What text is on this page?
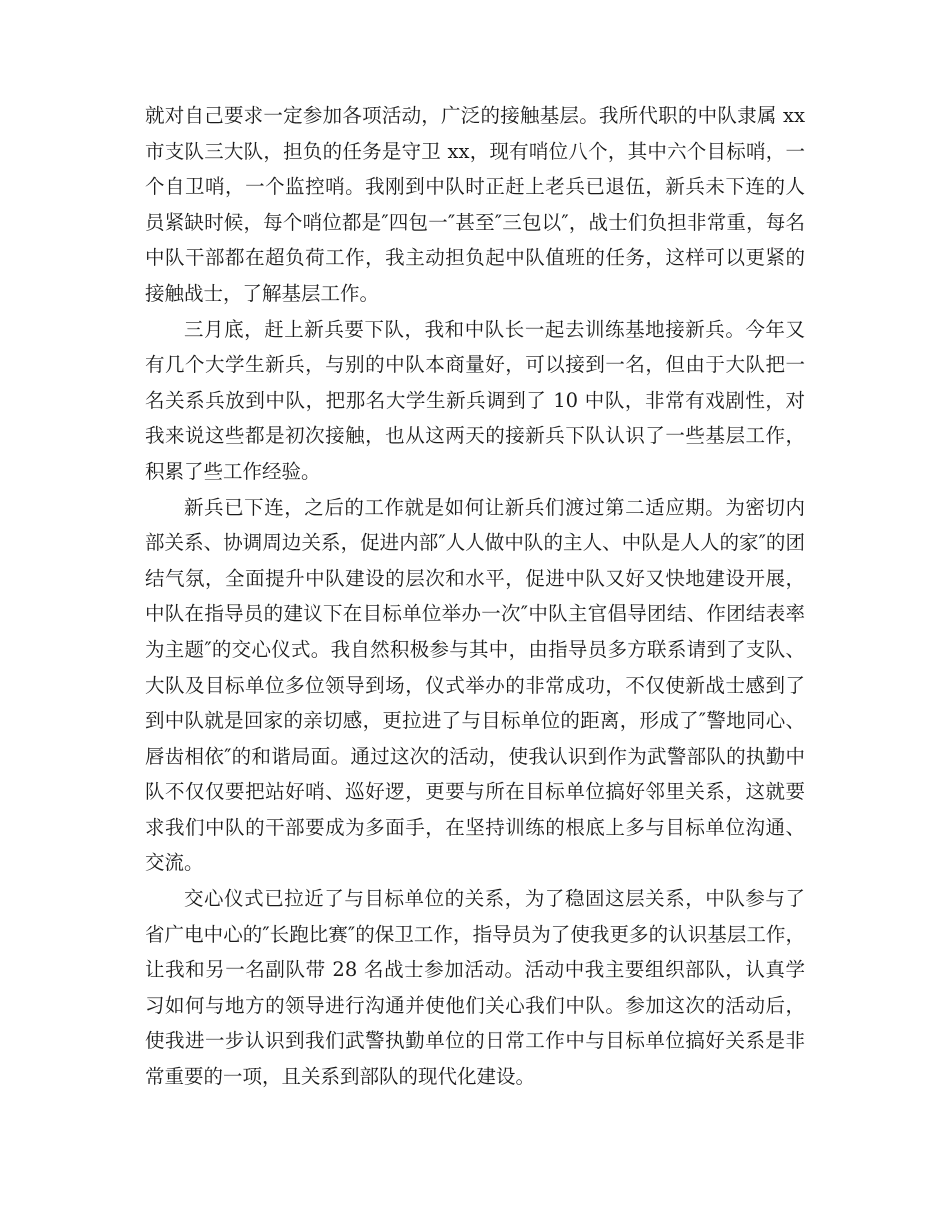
就对自己要求一定参加各项活动，广泛的接触基层。我所代职的中队隶属 xx 市支队三大队，担负的任务是守卫 xx，现有哨位八个，其中六个目标哨，一个自卫哨，一个监控哨。我刚到中队时正赶上老兵已退伍，新兵未下连的人员紧缺时候，每个哨位都是″四包一″甚至″三包以″，战士们负担非常重，每名中队干部都在超负荷工作，我主动担负起中队值班的任务，这样可以更紧的接触战士，了解基层工作。

三月底，赶上新兵要下队，我和中队长一起去训练基地接新兵。今年又有几个大学生新兵，与别的中队本商量好，可以接到一名，但由于大队把一名关系兵放到中队，把那名大学生新兵调到了 10 中队，非常有戏剧性，对我来说这些都是初次接触，也从这两天的接新兵下队认识了一些基层工作，积累了些工作经验。

新兵已下连，之后的工作就是如何让新兵们渡过第二适应期。为密切内部关系、协调周边关系，促进内部″人人做中队的主人、中队是人人的家″的团结气氛，全面提升中队建设的层次和水平，促进中队又好又快地建设开展，中队在指导员的建议下在目标单位举办一次″中队主官倡导团结、作团结表率为主题″的交心仪式。我自然积极参与其中，由指导员多方联系请到了支队、大队及目标单位多位领导到场，仪式举办的非常成功，不仅使新战士感到了到中队就是回家的亲切感，更拉进了与目标单位的距离，形成了″警地同心、唇齿相依″的和谐局面。通过这次的活动，使我认识到作为武警部队的执勤中队不仅仅要把站好哨、巡好逻，更要与所在目标单位搞好邻里关系，这就要求我们中队的干部要成为多面手，在坚持训练的根底上多与目标单位沟通、交流。

交心仪式已拉近了与目标单位的关系，为了稳固这层关系，中队参与了省广电中心的″长跑比赛″的保卫工作，指导员为了使我更多的认识基层工作，让我和另一名副队带 28 名战士参加活动。活动中我主要组织部队，认真学习如何与地方的领导进行沟通并使他们关心我们中队。参加这次的活动后，使我进一步认识到我们武警执勤单位的日常工作中与目标单位搞好关系是非常重要的一项，且关系到部队的现代化建设。
